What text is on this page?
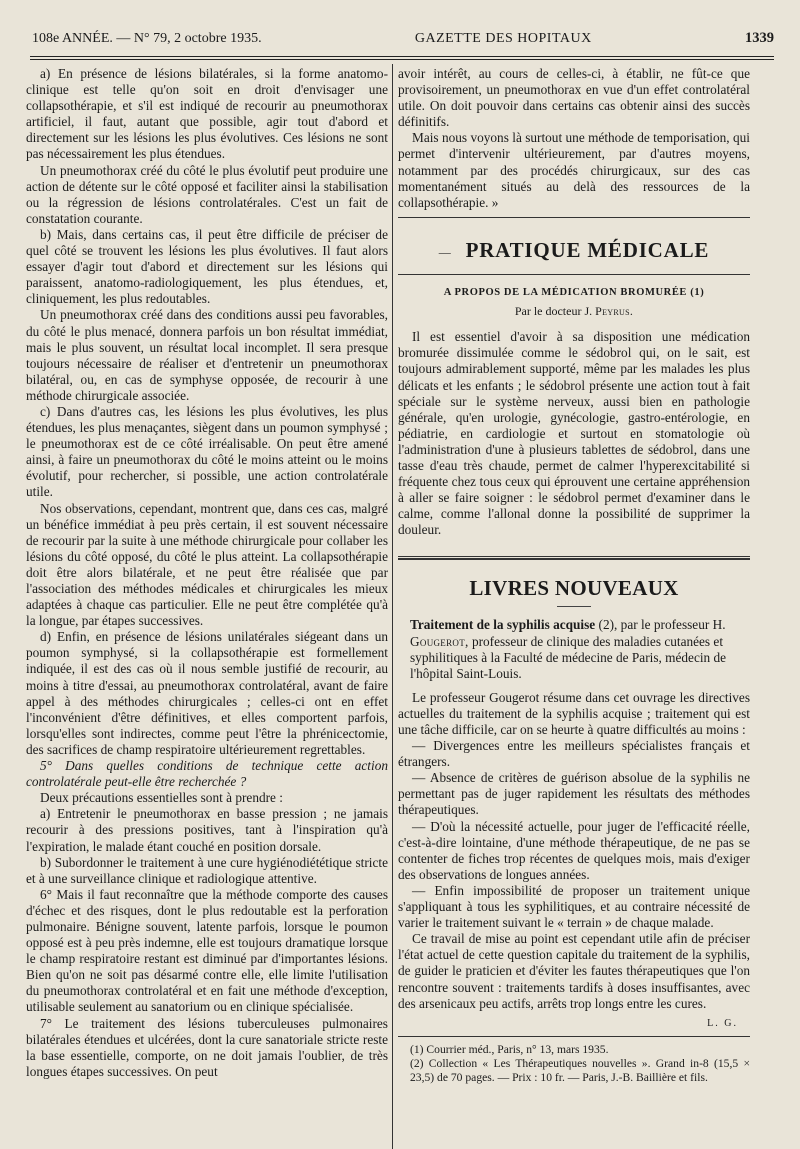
108e ANNÉE. — N° 79, 2 octobre 1935.	GAZETTE DES HOPITAUX	1339

a) En présence de lésions bilatérales, si la forme anatomo-clinique est telle qu'on soit en droit d'envisager une collapsothérapie, et s'il est indiqué de recourir au pneumothorax artificiel, il faut, autant que possible, agir tout d'abord et directement sur les lésions les plus évolutives. Ces lésions ne sont pas nécessairement les plus étendues.

Un pneumothorax créé du côté le plus évolutif peut produire une action de détente sur le côté opposé et faciliter ainsi la stabilisation ou la régression de lésions controlatérales. C'est un fait de constatation courante.

b) Mais, dans certains cas, il peut être difficile de préciser de quel côté se trouvent les lésions les plus évolutives. Il faut alors essayer d'agir tout d'abord et directement sur les lésions qui paraissent, anatomo-radiologiquement, les plus étendues, et, cliniquement, les plus redoutables.

Un pneumothorax créé dans des conditions aussi peu favorables, du côté le plus menacé, donnera parfois un bon résultat immédiat, mais le plus souvent, un résultat local incomplet. Il sera presque toujours nécessaire de réaliser et d'entretenir un pneumothorax bilatéral, ou, en cas de symphyse opposée, de recourir à une méthode chirurgicale associée.

c) Dans d'autres cas, les lésions les plus évolutives, les plus étendues, les plus menaçantes, siègent dans un poumon symphysé ; le pneumothorax est de ce côté irréalisable. On peut être amené ainsi, à faire un pneumothorax du côté le moins atteint ou le moins évolutif, pour rechercher, si possible, une action controlatérale utile.

Nos observations, cependant, montrent que, dans ces cas, malgré un bénéfice immédiat à peu près certain, il est souvent nécessaire de recourir par la suite à une méthode chirurgicale pour collaber les lésions du côté opposé, du côté le plus atteint. La collapsothérapie doit être alors bilatérale, et ne peut être réalisée que par l'association des méthodes médicales et chirurgicales les mieux adaptées à chaque cas particulier. Elle ne peut être complétée qu'à la longue, par étapes successives.

d) Enfin, en présence de lésions unilatérales siégeant dans un poumon symphysé, si la collapsothérapie est formellement indiquée, il est des cas où il nous semble justifié de recourir, au moins à titre d'essai, au pneumothorax controlatéral, avant de faire appel à des méthodes chirurgicales ; celles-ci ont en effet l'inconvénient d'être définitives, et elles comportent parfois, lorsqu'elles sont indirectes, comme peut l'être la phrénicectomie, des sacrifices de champ respiratoire ultérieurement regrettables.

5° Dans quelles conditions de technique cette action controlatérale peut-elle être recherchée ?

Deux précautions essentielles sont à prendre :

a) Entretenir le pneumothorax en basse pression ; ne jamais recourir à des pressions positives, tant à l'inspiration qu'à l'expiration, le malade étant couché en position dorsale.

b) Subordonner le traitement à une cure hygiénodiététique stricte et à une surveillance clinique et radiologique attentive.

6° Mais il faut reconnaître que la méthode comporte des causes d'échec et des risques, dont le plus redoutable est la perforation pulmonaire. Bénigne souvent, latente parfois, lorsque le poumon opposé est à peu près indemne, elle est toujours dramatique lorsque le champ respiratoire restant est diminué par d'importantes lésions. Bien qu'on ne soit pas désarmé contre elle, elle limite l'utilisation du pneumothorax controlatéral et en fait une méthode d'exception, utilisable seulement au sanatorium ou en clinique spécialisée.

7° Le traitement des lésions tuberculeuses pulmonaires bilatérales étendues et ulcérées, dont la cure sanatoriale stricte reste la base essentielle, comporte, on ne doit jamais l'oublier, de très longues étapes successives. On peut

avoir intérêt, au cours de celles-ci, à établir, ne fût-ce que provisoirement, un pneumothorax en vue d'un effet controlatéral utile. On doit pouvoir dans certains cas obtenir ainsi des succès définitifs.

Mais nous voyons là surtout une méthode de temporisation, qui permet d'intervenir ultérieurement, par d'autres moyens, notamment par des procédés chirurgicaux, sur des cas momentanément situés au delà des ressources de la collapsothérapie. »

— PRATIQUE MÉDICALE
A PROPOS DE LA MÉDICATION BROMURÉE (1)
Par le docteur J. Peyrus.

Il est essentiel d'avoir à sa disposition une médication bromurée dissimulée comme le sédobrol qui, on le sait, est toujours admirablement supporté, même par les malades les plus délicats et les enfants ; le sédobrol présente une action tout à fait spéciale sur le système nerveux, aussi bien en pathologie générale, qu'en urologie, gynécologie, gastro-entérologie, en pédiatrie, en cardiologie et surtout en stomatologie où l'administration d'une à plusieurs tablettes de sédobrol, dans une tasse d'eau très chaude, permet de calmer l'hyperexcitabilité si fréquente chez tous ceux qui éprouvent une certaine appréhension à aller se faire soigner : le sédobrol permet d'examiner dans le calme, comme l'allonal donne la possibilité de supprimer la douleur.

LIVRES NOUVEAUX

Traitement de la syphilis acquise (2), par le professeur H. Gougerot, professeur de clinique des maladies cutanées et syphilitiques à la Faculté de médecine de Paris, médecin de l'hôpital Saint-Louis.

Le professeur Gougerot résume dans cet ouvrage les directives actuelles du traitement de la syphilis acquise ; traitement qui est une tâche difficile, car on se heurte à quatre difficultés au moins :

— Divergences entre les meilleurs spécialistes français et étrangers.

— Absence de critères de guérison absolue de la syphilis ne permettant pas de juger rapidement les résultats des méthodes thérapeutiques.

— D'où la nécessité actuelle, pour juger de l'efficacité réelle, c'est-à-dire lointaine, d'une méthode thérapeutique, de ne pas se contenter de fiches trop récentes de quelques mois, mais d'exiger des observations de longues années.

— Enfin impossibilité de proposer un traitement unique s'appliquant à tous les syphilitiques, et au contraire nécessité de varier le traitement suivant le « terrain » de chaque malade.

Ce travail de mise au point est cependant utile afin de préciser l'état actuel de cette question capitale du traitement de la syphilis, de guider le praticien et d'éviter les fautes thérapeutiques que l'on rencontre souvent : traitements tardifs à doses insuffisantes, avec des arsenicaux peu actifs, arrêts trop longs entre les cures.

L. G.

(1) Courrier méd., Paris, n° 13, mars 1935.

(2) Collection « Les Thérapeutiques nouvelles ». Grand in-8 (15,5 × 23,5) de 70 pages. — Prix : 10 fr. — Paris, J.-B. Baillière et fils.
